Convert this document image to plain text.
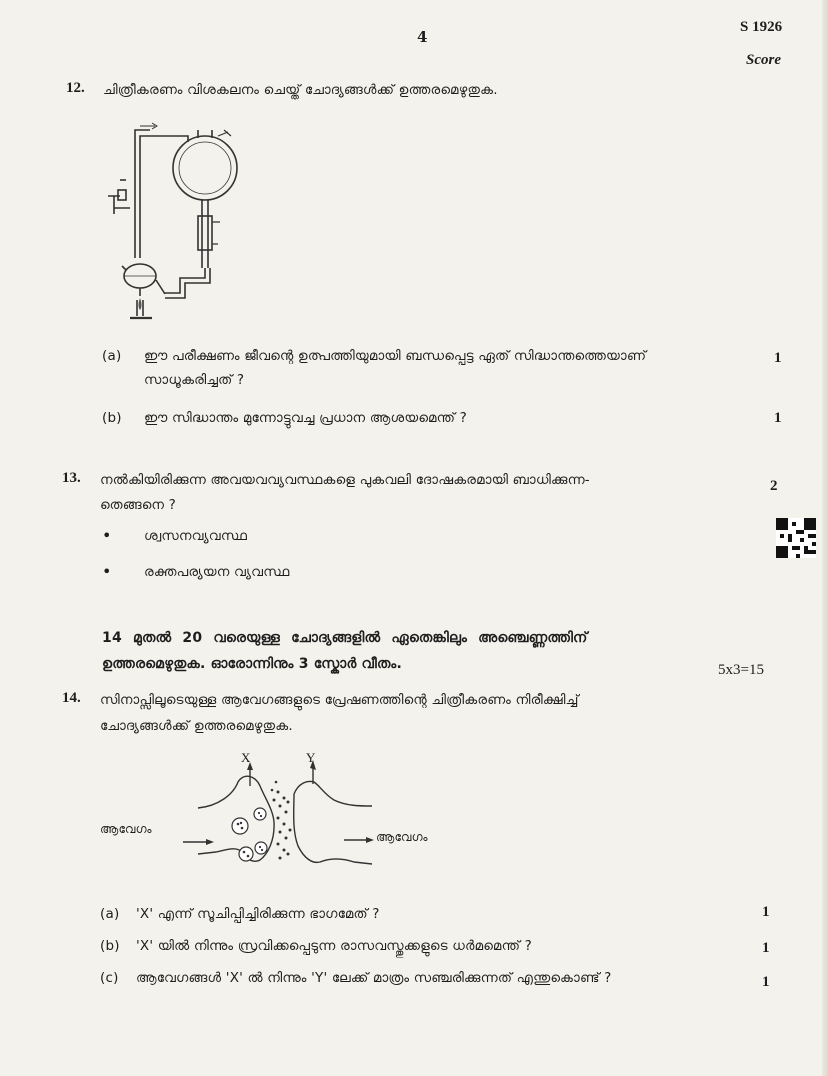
4
S 1926
Score
12. ചിത്രീകരണം വിശകലനം ചെയ്ത് ചോദ്യങ്ങൾക്ക് ഉത്തരമെഴുതുക.
(a) ഈ പരീക്ഷണം ജീവന്റെ ഉത്പത്തിയുമായി ബന്ധപ്പെട്ട ഏത് സിദ്ധാന്തത്തെയാണ്
സാധൂകരിച്ചത് ?
1
(b) ഈ സിദ്ധാന്തം മുന്നോട്ടുവച്ച പ്രധാന ആശയമെന്ത് ?	1
13. നൽകിയിരിക്കുന്ന അവയവവ്യവസ്ഥകളെ പുകവലി ദോഷകരമായി ബാധിക്കുന്ന-
തെങ്ങനെ ?
2
• ശ്വസനവ്യവസ്ഥ
• രക്തപര്യയന വ്യവസ്ഥ
14 മുതൽ 20 വരെയുള്ള ചോദ്യങ്ങളിൽ ഏതെങ്കിലും അഞ്ചെണ്ണത്തിന്
ഉത്തരമെഴുതുക. ഓരോന്നിനും 3 സ്കോർ വീതം.	5x3=15
14. സിനാപ്സിലൂടെയുള്ള ആവേഗങ്ങളുടെ പ്രേഷണത്തിന്റെ ചിത്രീകരണം നിരീക്ഷിച്ച്
ചോദ്യങ്ങൾക്ക് ഉത്തരമെഴുതുക.
X	Y
ആവേഗം
ആവേഗം
(a) 'X' എന്ന് സൂചിപ്പിച്ചിരിക്കുന്ന ഭാഗമേത് ?	1
(b) 'X' യിൽ നിന്നും സ്രവിക്കപ്പെടുന്ന രാസവസ്തുക്കളുടെ ധർമമെന്ത് ?	1
(c) ആവേഗങ്ങൾ 'X' ൽ നിന്നും 'Y' ലേക്ക് മാത്രം സഞ്ചരിക്കുന്നത് എന്തുകൊണ്ട് ?	1
